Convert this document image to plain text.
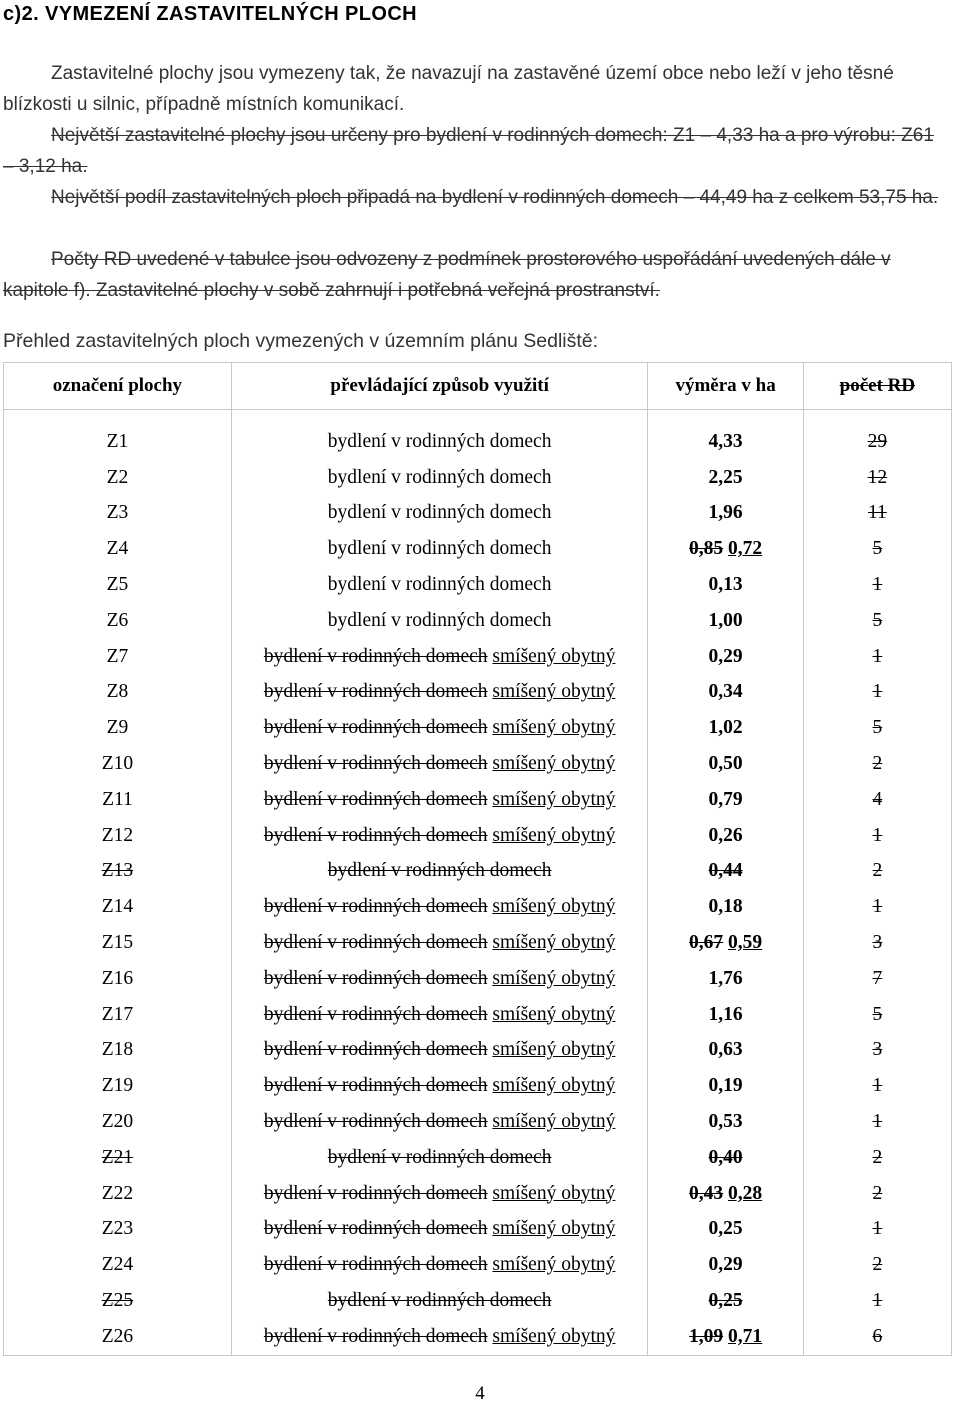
c)2. VYMEZENÍ ZASTAVITELNÝCH PLOCH

Zastavitelné plochy jsou vymezeny tak, že navazují na zastavěné území obce nebo leží v jeho těsné blízkosti u silnic, případně místních komunikací.

Největší zastavitelné plochy jsou určeny pro bydlení v rodinných domech: Z1 – 4,33 ha a pro výrobu: Z61 – 3,12 ha.

Největší podíl zastavitelných ploch připadá na bydlení v rodinných domech – 44,49 ha z celkem 53,75 ha.

Počty RD uvedené v tabulce jsou odvozeny z podmínek prostorového uspořádání uvedených dále v kapitole f). Zastavitelné plochy v sobě zahrnují i potřebná veřejná prostranství.

Přehled zastavitelných ploch vymezených v územním plánu Sedliště:
označení plochy	převládající způsob využití	výměra v ha	počet RD
Z1	bydlení v rodinných domech	4,33	29
Z2	bydlení v rodinných domech	2,25	12
Z3	bydlení v rodinných domech	1,96	11
Z4	bydlení v rodinných domech	0,85 0,72	5
Z5	bydlení v rodinných domech	0,13	1
Z6	bydlení v rodinných domech	1,00	5
Z7	bydlení v rodinných domech smíšený obytný	0,29	1
Z8	bydlení v rodinných domech smíšený obytný	0,34	1
Z9	bydlení v rodinných domech smíšený obytný	1,02	5
Z10	bydlení v rodinných domech smíšený obytný	0,50	2
Z11	bydlení v rodinných domech smíšený obytný	0,79	4
Z12	bydlení v rodinných domech smíšený obytný	0,26	1
Z13	bydlení v rodinných domech	0,44	2
Z14	bydlení v rodinných domech smíšený obytný	0,18	1
Z15	bydlení v rodinných domech smíšený obytný	0,67 0,59	3
Z16	bydlení v rodinných domech smíšený obytný	1,76	7
Z17	bydlení v rodinných domech smíšený obytný	1,16	5
Z18	bydlení v rodinných domech smíšený obytný	0,63	3
Z19	bydlení v rodinných domech smíšený obytný	0,19	1
Z20	bydlení v rodinných domech smíšený obytný	0,53	1
Z21	bydlení v rodinných domech	0,40	2
Z22	bydlení v rodinných domech smíšený obytný	0,43 0,28	2
Z23	bydlení v rodinných domech smíšený obytný	0,25	1
Z24	bydlení v rodinných domech smíšený obytný	0,29	2
Z25	bydlení v rodinných domech	0,25	1
Z26	bydlení v rodinných domech smíšený obytný	1,09 0,71	6
4
